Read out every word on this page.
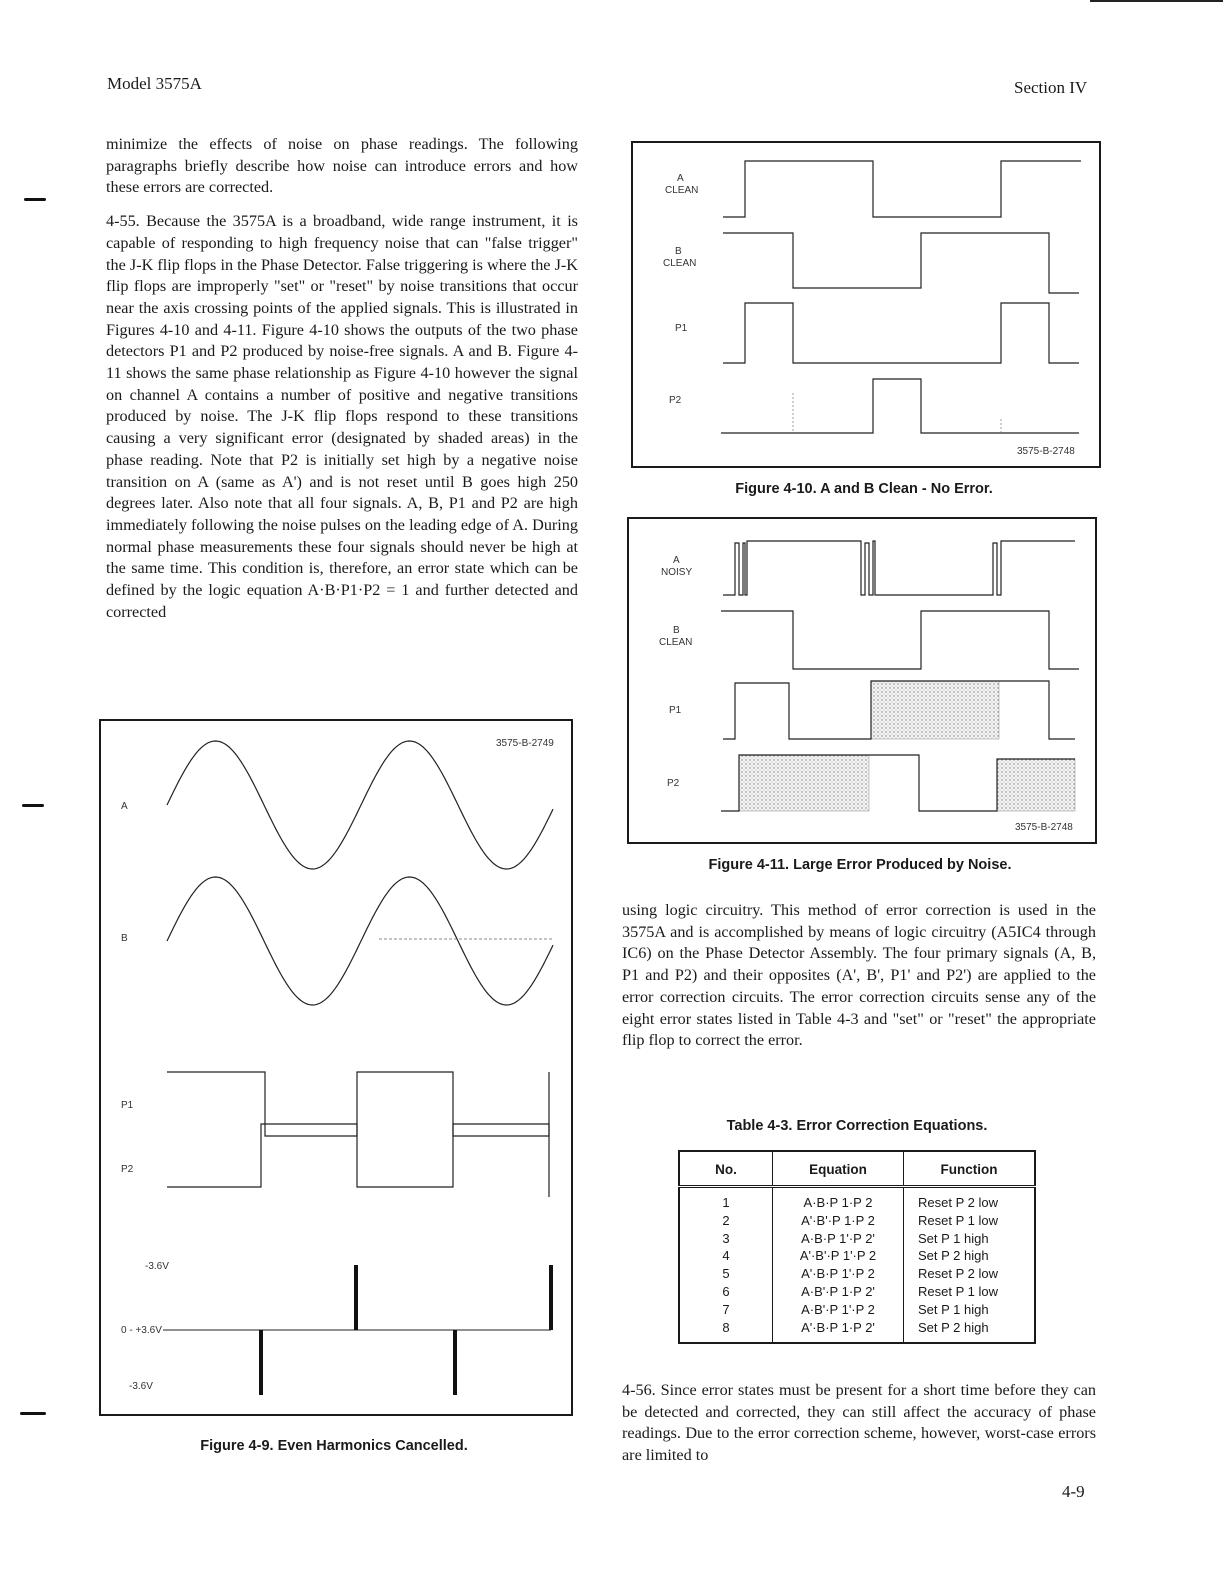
Model 3575A	Section IV

minimize the effects of noise on phase readings. The following paragraphs briefly describe how noise can introduce errors and how these errors are corrected.

4-55. Because the 3575A is a broadband, wide range instrument, it is capable of responding to high frequency noise that can "false trigger" the J-K flip flops in the Phase Detector. False triggering is where the J-K flip flops are improperly "set" or "reset" by noise transitions that occur near the axis crossing points of the applied signals. This is illustrated in Figures 4-10 and 4-11. Figure 4-10 shows the outputs of the two phase detectors P1 and P2 produced by noise-free signals. A and B. Figure 4-11 shows the same phase relationship as Figure 4-10 however the signal on channel A contains a number of positive and negative transitions produced by noise. The J-K flip flops respond to these transitions causing a very significant error (designated by shaded areas) in the phase reading. Note that P2 is initially set high by a negative noise transition on A (same as A') and is not reset until B goes high 250 degrees later. Also note that all four signals. A, B, P1 and P2 are high immediately following the noise pulses on the leading edge of A. During normal phase measurements these four signals should never be high at the same time. This condition is, therefore, an error state which can be defined by the logic equation A·B·P1·P2 = 1 and further detected and corrected

3575-B-2749
A
B
P1
P2
-3.6V
0 - +3.6V
-3.6V
Figure 4-9. Even Harmonics Cancelled.
A
CLEAN
B
CLEAN
P1
P2
3575-B-2748
Figure 4-10. A and B Clean - No Error.
A
NOISY
B
CLEAN
P1
P2
3575-B-2748
Figure 4-11. Large Error Produced by Noise.

using logic circuitry. This method of error correction is used in the 3575A and is accomplished by means of logic circuitry (A5IC4 through IC6) on the Phase Detector Assembly. The four primary signals (A, B, P1 and P2) and their opposites (A', B', P1' and P2') are applied to the error correction circuits. The error correction circuits sense any of the eight error states listed in Table 4-3 and "set" or "reset" the appropriate flip flop to correct the error.

Table 4-3. Error Correction Equations.
No.	Equation	Function
1	A·B·P 1·P 2	Reset P 2 low
2	A'·B'·P 1·P 2	Reset P 1 low
3	A·B·P 1'·P 2'	Set P 1 high
4	A'·B'·P 1'·P 2	Set P 2 high
5	A'·B·P 1'·P 2	Reset P 2 low
6	A·B'·P 1·P 2'	Reset P 1 low
7	A·B'·P 1'·P 2	Set P 1 high
8	A'·B·P 1·P 2'	Set P 2 high

4-56. Since error states must be present for a short time before they can be detected and corrected, they can still affect the accuracy of phase readings. Due to the error correction scheme, however, worst-case errors are limited to

4-9
